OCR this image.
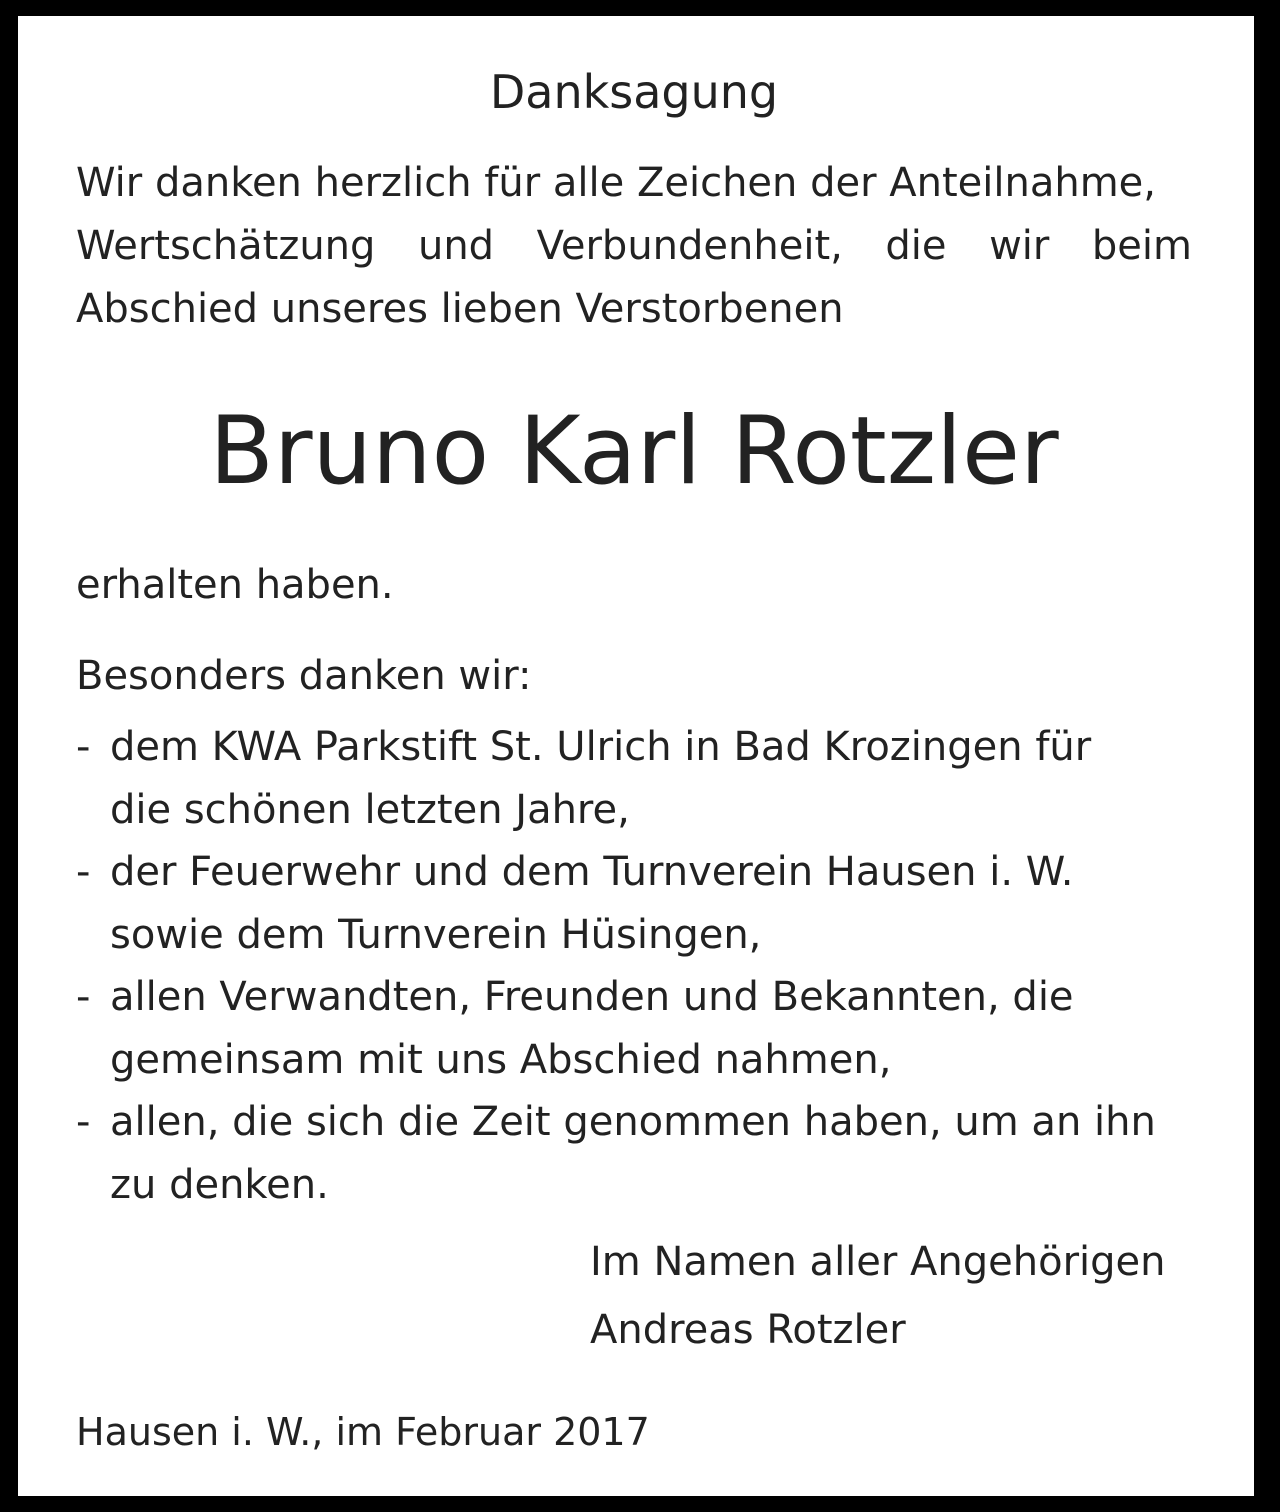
Danksagung
Wir danken herzlich für alle Zeichen der Anteilnahme,
Wertschätzung und Verbundenheit, die wir beim
Abschied unseres lieben Verstorbenen
Bruno Karl Rotzler
erhalten haben.
Besonders danken wir:
- dem KWA Parkstift St. Ulrich in Bad Krozingen für
die schönen letzten Jahre,
- der Feuerwehr und dem Turnverein Hausen i. W.
sowie dem Turnverein Hüsingen,
- allen Verwandten, Freunden und Bekannten, die
gemeinsam mit uns Abschied nahmen,
- allen, die sich die Zeit genommen haben, um an ihn
zu denken.
Im Namen aller Angehörigen
Andreas Rotzler
Hausen i. W., im Februar 2017
